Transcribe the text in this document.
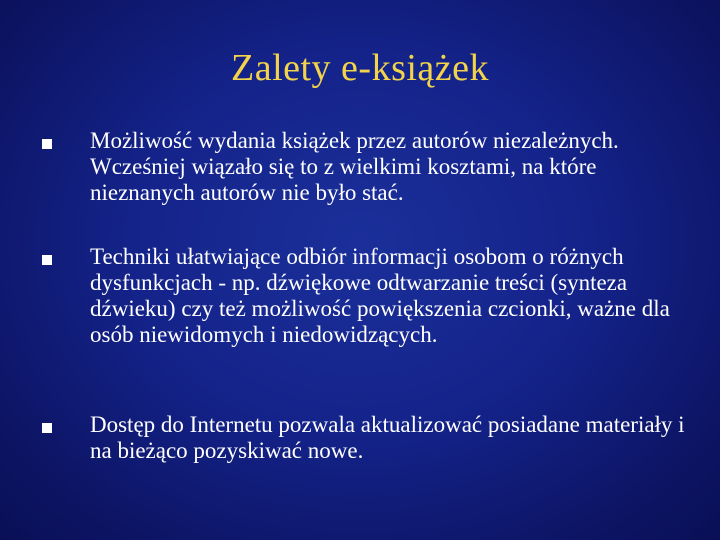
Zalety e-książek
Możliwość wydania książek przez autorów niezależnych. Wcześniej wiązało się to z wielkimi kosztami, na które nieznanych autorów nie było stać.
Techniki ułatwiające odbiór informacji osobom o różnych dysfunkcjach - np. dźwiękowe odtwarzanie treści (synteza dźwieku) czy też możliwość powiększenia czcionki, ważne dla osób niewidomych i niedowidzących.
Dostęp do Internetu pozwala aktualizować posiadane materiały i na bieżąco pozyskiwać nowe.
